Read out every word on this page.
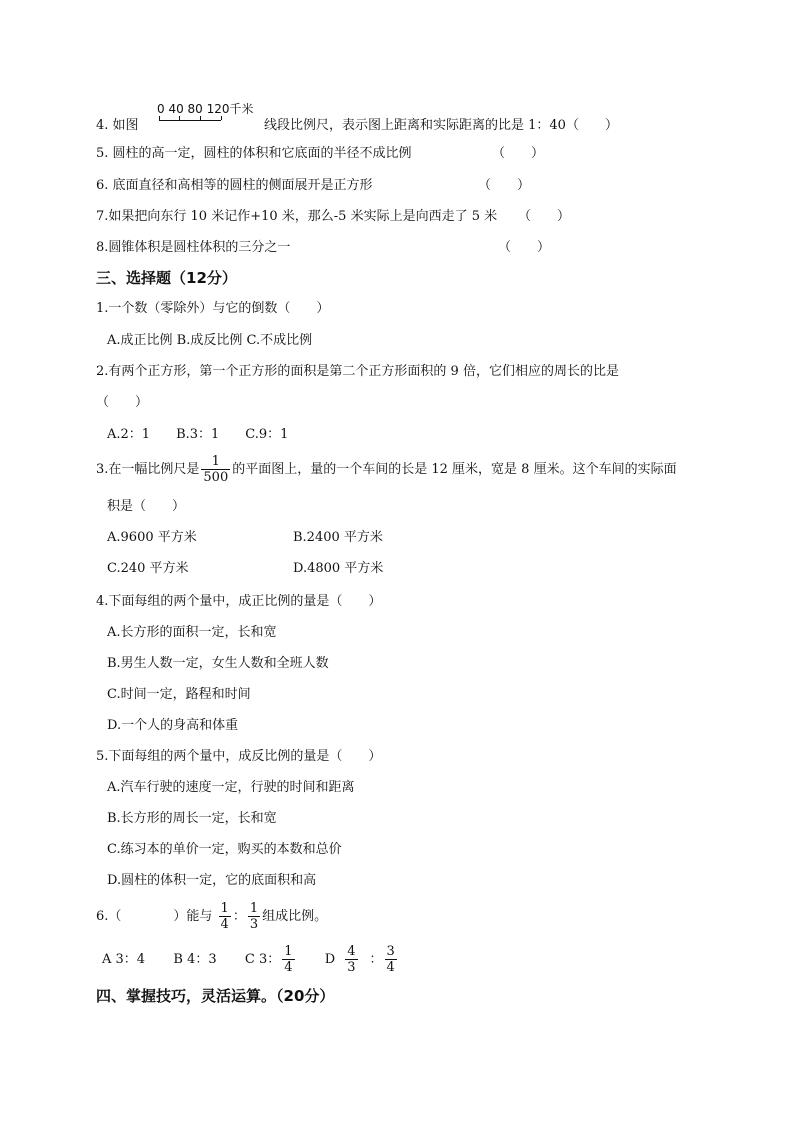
4. 如图
0 40 80 120千米
线段比例尺，表示图上距离和实际距离的比是 1：40（　　）
5. 圆柱的高一定，圆柱的体积和它底面的半径不成比例	（　　）
6. 底面直径和高相等的圆柱的侧面展开是正方形	（　　）
7.如果把向东行 10 米记作+10 米，那么-5 米实际上是向西走了 5 米 （　　）
8.圆锥体积是圆柱体积的三分之一	（　　）
三、选择题（12分）
1.一个数（零除外）与它的倒数（　　）
A.成正比例 B.成反比例 C.不成比例
2.有两个正方形，第一个正方形的面积是第二个正方形面积的 9 倍，它们相应的周长的比是
（　　）
A.2：1　　B.3：1　　C.9：1
3.在一幅比例尺是 $\frac{1}{500}$ 的平面图上，量的一个车间的长是 12 厘米，宽是 8 厘米。这个车间的实际面
积是（　　）
A.9600 平方米	B.2400 平方米
C.240 平方米	D.4800 平方米
4.下面每组的两个量中，成正比例的量是（　　）
A.长方形的面积一定，长和宽
B.男生人数一定，女生人数和全班人数
C.时间一定，路程和时间
D.一个人的身高和体重
5.下面每组的两个量中，成反比例的量是（　　）
A.汽车行驶的速度一定，行驶的时间和距离
B.长方形的周长一定，长和宽
C.练习本的单价一定，购买的本数和总价
D.圆柱的体积一定，它的底面积和高
6.（　　　　）能与 $\frac{1}{4}$ ： $\frac{1}{3}$ 组成比例。
A 3：4 B 4：3 C 3： $\frac{1}{4}$ D $\frac{4}{3}$ ： $\frac{3}{4}$
四、掌握技巧，灵活运算。（20分）
